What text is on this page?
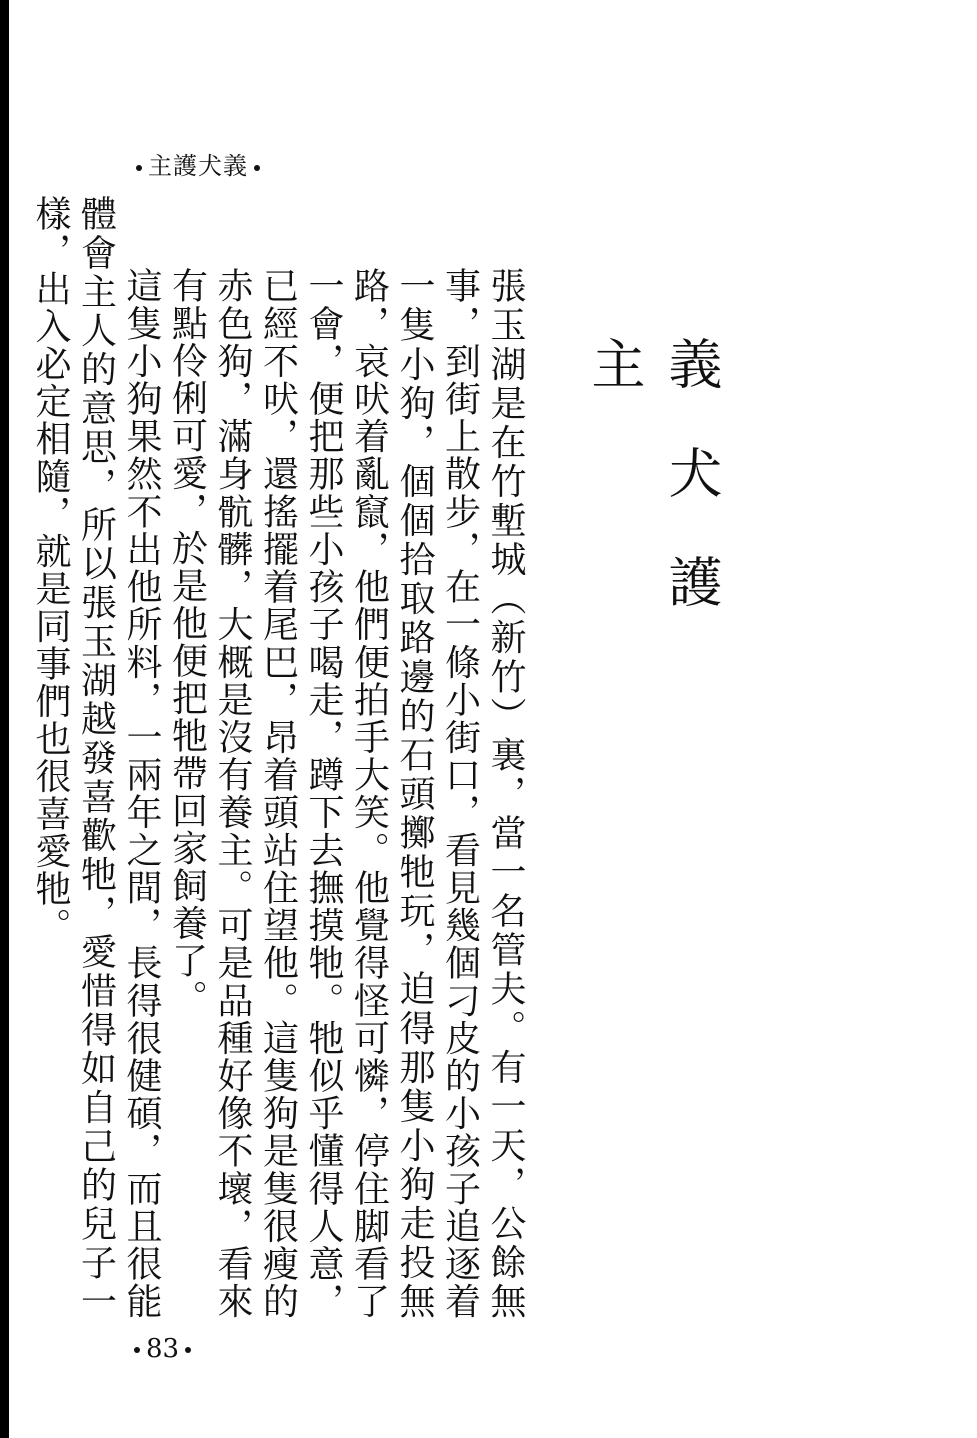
主護犬義
義犬護主

張玉湖是在竹塹城（新竹）裏，當一名管夫。有一天，公餘無事，到街上散步，在一條小街口，看見幾個刁皮的小孩子追逐着一隻小狗，個個拾取路邊的石頭擲牠玩，迫得那隻小狗走投無路，哀吠着亂竄，他們便拍手大笑。他覺得怪可憐，停住脚看了一會，便把那些小孩子喝走，蹲下去撫摸牠。牠似乎懂得人意，已經不吠，還搖擺着尾巴，昂着頭站住望他。這隻狗是隻很瘦的赤色狗，滿身骯髒，大概是沒有養主。可是品種好像不壞，看來有點伶俐可愛，於是他便把牠帶回家飼養了。

這隻小狗果然不出他所料，一兩年之間，長得很健碩，而且很能體會主人的意思，所以張玉湖越發喜歡牠，愛惜得如自己的兒子一樣，出入必定相隨，就是同事們也很喜愛牠。

83
